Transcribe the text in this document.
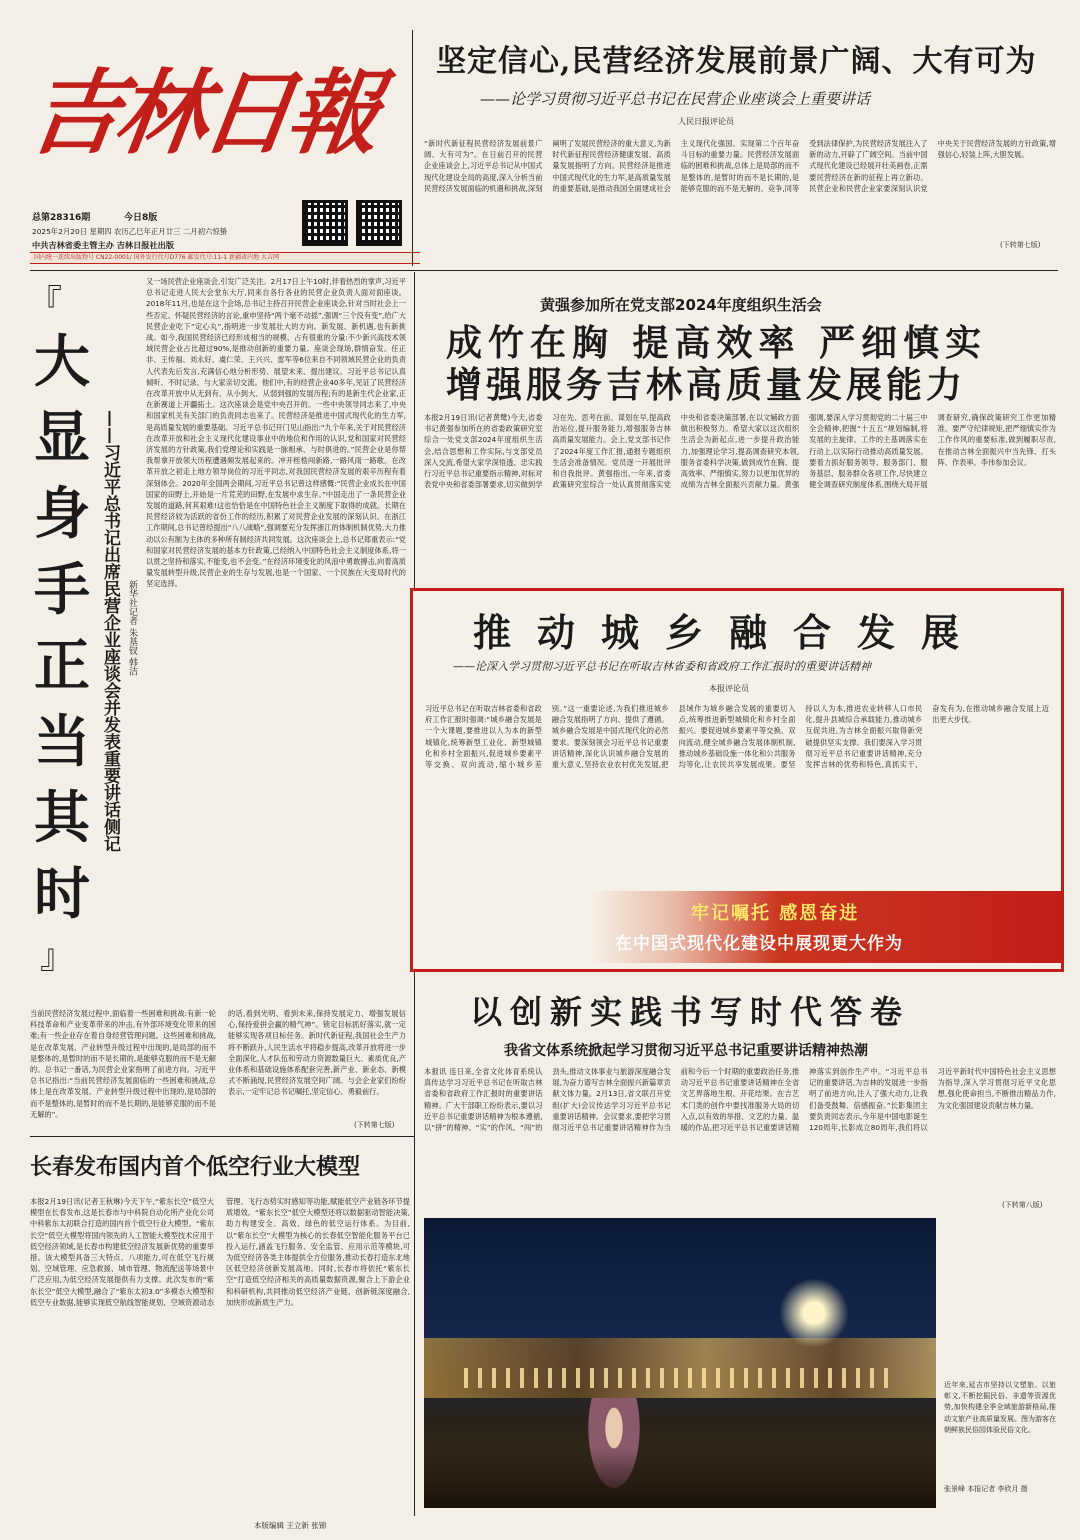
吉林日報
总第28316期	今日8版
2025年2月20日 星期四 农历乙巳年正月廿三 二月初六惊蛰
中共吉林省委主管主办 吉林日报社出版
国内统一连续出版物号 CN22-0001/ 国外发行代号D776 邮发代号:11-1 新疆省内地 大吉网
坚定信心,民营经济发展前景广阔、大有可为
——论学习贯彻习近平总书记在民营企业座谈会上重要讲话
人民日报评论员
“新时代新征程民营经济发展前景广阔、大有可为”。在日前召开的民营企业座谈会上,习近平总书记从中国式现代化建设全局的高度,深入分析当前民营经济发展面临的机遇和挑战,深刻阐明了发展民营经济的重大意义,为新时代新征程民营经济健康发展、高质量发展指明了方向。民营经济是推进中国式现代化的生力军,是高质量发展的重要基础,是推动我国全面建成社会主义现代化强国、实现第二个百年奋斗目标的重要力量。民营经济发展面临的困难和挑战,总体上是局部的而不是整体的,是暂时的而不是长期的,是能够克服的而不是无解的。竞争,同等受到法律保护,为民营经济发展注入了新的动力,开辟了广阔空间。当前中国式现代化建设已经展开壮美画卷,正需要民营经济在新的征程上再立新功。民营企业和民营企业家要深刻认识党中央关于民营经济发展的方针政策,增强信心,轻装上阵,大胆发展。
(下转第七版)
『
大显身手正当其时
』
——习近平总书记出席民营企业座谈会并发表重要讲话侧记 新华社记者 朱基钗 韩洁
又一场民营企业座谈会,引发广泛关注。2月17日上午10时,伴着热烈的掌声,习近平总书记走进人民大会堂东大厅,同来自各行各业的民营企业负责人面对面座谈。2018年11月,也是在这个会场,总书记主持召开民营企业座谈会,针对当时社会上一些否定、怀疑民营经济的言论,重申坚持“两个毫不动摇”,强调“三个没有变”,给广大民营企业吃下“定心丸”,指明进一步发展壮大的方向。新发展、新机遇,也有新挑战。如今,我国民营经济已经形成相当的规模、占有很重的分量:不少新兴高技术领域民营企业占比超过90%,是推动创新的重要力量。座谈会现场,群情奋发。任正非、王传福、刘永好、虞仁荣、王兴兴、雷军等6位来自不同领域民营企业的负责人代表先后发言,充满信心地分析形势、展望未来、提出建议。习近平总书记认真倾听、不时记录、与大家亲切交流。他们中,有的经营企业40多年,见证了民营经济在改革开放中从无到有、从小到大、从弱到强的发展历程;有的是新生代企业家,正在新赛道上开疆拓土。这次座谈会是党中央召开的。一些中央领导同志来了,中央和国家机关有关部门的负责同志也来了。民营经济是推进中国式现代化的生力军,是高质量发展的重要基础。习近平总书记开门见山指出:“九个年来,关于对民营经济在改革开放和社会主义现代化建设事业中的地位和作用的认识,党和国家对民营经济发展的方针政策,我们党理论和实践是一脉相承、与时俱进的。”民营企业是你帮我帮拿开放领大历程遭遇频发展起来的。冲开桎梏闯新路,一路风雨一路歌。在改革开放之初走上地方领导岗位的习近平同志,对我国民营经济发展的艰辛历程有着深刻体会。2020年全国两会期间,习近平总书记曾这样感慨:“民营企业成长在中国国家的田野上,开始是一片荒芜的田野,在发展中求生存。”中国走出了一条民营企业发展的道路,何其艰难!这也恰恰是在中国特色社会主义制度下取得的成就。长期在民营经济较为活跃的省份工作的经历,积累了对民营企业发展的深刻认识。在浙江工作期间,总书记曾经提出“八八战略”,强调要充分发挥浙江的体制机制优势,大力推动以公有制为主体的多种所有制经济共同发展。这次座谈会上,总书记郑重表示:“党和国家对民营经济发展的基本方针政策,已经纳入中国特色社会主义制度体系,将一以贯之坚持和落实,不能变,也不会变。”在经济环境变化的风浪中勇敢搏击,向着高质量发展转型升级,民营企业的生存与发展,也是一个国家、一个民族在大变局时代的坚定选择。
当前民营经济发展过程中,面临着一些困难和挑战:有新一轮科技革命和产业变革带来的冲击,有外部环境变化带来的困难;有一些企业存在着自身经营管理问题。这些困难和挑战,是在改革发展、产业转型升级过程中出现的,是局部的而不是整体的,是暂时的而不是长期的,是能够克服的而不是无解的。总书记一番话,为民营企业家指明了前进方向。习近平总书记指出:“当前民营经济发展面临的一些困难和挑战,总体上是在改革发展、产业转型升级过程中出现的,是局部的而不是整体的,是暂时的而不是长期的,是能够克服的而不是无解的”。
的话,看到光明、看到未来,保持发展定力、增强发展信心,保持爱拼会赢的精气神”。锁定目标抓好落实,就一定能够实现各项目标任务。新时代新征程,我国社会生产力将不断跃升,人民生活水平将稳步提高,改革开放将进一步全面深化,人才队伍和劳动力资源数量巨大、素质优良,产业体系和基础设施体系配套完善,新产业、新业态、新模式不断涌现,民营经济发展空间广阔。与会企业家们纷纷表示,一定牢记总书记嘱托,坚定信心、勇毅前行。
(下转第七版)
黄强参加所在党支部2024年度组织生活会
成竹在胸 提高效率 严细慎实
增强服务吉林高质量发展能力
本报2月19日讯(记者黄鹭)今天,省委书记黄强参加所在的省委政策研究室综合一处党支部2024年度组织生活会,结合思想和工作实际,与支部党员深入交流,希望大家学深悟透、忠实践行习近平总书记重要指示精神,对标对表党中央和省委部署要求,切实做到学习在先、思考在前、谋划在早,提高政治站位,提升服务能力,增强服务吉林高质量发展能力。会上,党支部书记作了2024年度工作汇报,通报专题组织生活会准备情况。党员逐一开展批评和自我批评。黄强指出,一年来,省委政策研究室综合一处认真贯彻落实党中央和省委决策部署,在以文辅政方面做出积极努力。希望大家以这次组织生活会为新起点,进一步提升政治能力,加强理论学习,提高调查研究本领,服务省委科学决策,做到成竹在胸、提高效率、严细慎实,努力以更加优异的成绩为吉林全面振兴贡献力量。黄强强调,要深入学习贯彻党的二十届三中全会精神,把握“十五五”规划编制,将发展的主旋律、工作的主基调落实在行动上,以实际行动推动高质量发展。要着力抓好服务领导、服务部门、服务基层、服务群众各项工作,尽快建立健全调查研究制度体系,围绕大局开展调查研究,确保政策研究工作更加精准。要严守纪律规矩,把严细慎实作为工作作风的重要标准,做到履职尽责,在推动吉林全面振兴中当先锋、打头阵、作表率。李伟参加会议。
推动城乡融合发展
——论深入学习贯彻习近平总书记在听取吉林省委和省政府工作汇报时的重要讲话精神
本报评论员
习近平总书记在听取吉林省委和省政府工作汇报时强调:“城乡融合发展是一个大课题,要推进以人为本的新型城镇化,统筹新型工业化、新型城镇化和乡村全面振兴,促进城乡要素平等交换、双向流动,缩小城乡差别。”这一重要论述,为我们推进城乡融合发展指明了方向、提供了遵循。城乡融合发展是中国式现代化的必然要求。要深刻领会习近平总书记重要讲话精神,深化认识城乡融合发展的重大意义,坚持农业农村优先发展,把县域作为城乡融合发展的重要切入点,统筹推进新型城镇化和乡村全面振兴。要促进城乡要素平等交换、双向流动,健全城乡融合发展体制机制,推动城乡基础设施一体化和公共服务均等化,让农民共享发展成果。要坚持以人为本,推进农业转移人口市民化,提升县城综合承载能力,推动城乡互促共进,为吉林全面振兴取得新突破提供坚实支撑。我们要深入学习贯彻习近平总书记重要讲话精神,充分发挥吉林的优势和特色,真抓实干、奋发有为,在推动城乡融合发展上迈出更大步伐。
牢记嘱托 感恩奋进
在中国式现代化建设中展现更大作为
以创新实践书写时代答卷
我省文体系统掀起学习贯彻习近平总书记重要讲话精神热潮
本报讯 连日来,全省文化体育系统认真传达学习习近平总书记在听取吉林省委和省政府工作汇报时的重要讲话精神。广大干部职工纷纷表示,要以习近平总书记重要讲话精神为根本遵循,以“拼”的精神、“实”的作风、“闯”的劲头,推动文体事业与旅游深度融合发展,为奋力谱写吉林全面振兴新篇章贡献文体力量。2月13日,省文联召开党组(扩大)会议传达学习习近平总书记重要讲话精神。会议要求,要把学习贯彻习近平总书记重要讲话精神作为当前和今后一个时期的重要政治任务,推动习近平总书记重要讲话精神在全省文艺界落地生根、开花结果。在吉艺术门类的创作中要找准服务大局的切入点,以有效的举措、文艺的力量、温暖的作品,把习近平总书记重要讲话精神落实到创作生产中。“习近平总书记的重要讲话,为吉林的发展进一步指明了前进方向,注入了强大动力,让我们备受鼓舞、倍感振奋。”长影集团主要负责同志表示,今年是中国电影诞生120周年,长影成立80周年,我们将以习近平新时代中国特色社会主义思想为指导,深入学习贯彻习近平文化思想,强化使命担当,不断推出精品力作,为文化强国建设贡献吉林力量。
(下转第八版)
近年来,延吉市坚持以文塑旅、以旅彰文,不断挖掘民俗、非遗等资源优势,加快构建全季全域旅游新格局,推动文旅产业高质量发展。图为游客在朝鲜族民俗园体验民俗文化。
张景峰 本报记者 李欣月 摄
长春发布国内首个低空行业大模型
本报2月19日讯(记者王秋琳)今天下午,“紫东长空”低空大模型在长春发布,这是长春市与中科院自动化所产业化公司中科紫东太初联合打造的国内首个低空行业大模型。“紫东长空”低空大模型将国内领先的人工智能大模型技术应用于低空经济领域,是长春市构建低空经济发展新优势的重要举措。该大模型具备三大特点、八项能力,可在低空飞行规划、空域管理、应急救援、城市管理、物流配送等场景中广泛应用,为低空经济发展提供有力支撑。此次发布的“紫东长空”低空大模型,融合了“紫东太初3.0”多模态大模型和低空专业数据,能够实现低空航线智能规划、空域资源动态管理、飞行态势实时感知等功能,赋能低空产业链各环节提质增效。“紫东长空”低空大模型还将以数据驱动智能决策,助力构建安全、高效、绿色的低空运行体系。为目前,以“紫东长空”大模型为核心的长春低空智能化服务平台已投入运行,涵盖飞行服务、安全监管、应用示范等模块,可为低空经济各类主体提供全方位服务,推动长春打造东北地区低空经济创新发展高地。同时,长春市将依托“紫东长空”打造低空经济相关的高质量数据资源,聚合上下游企业和科研机构,共同推动低空经济产业链、创新链深度融合,加快形成新质生产力。
本版编辑 王立新 张锦
